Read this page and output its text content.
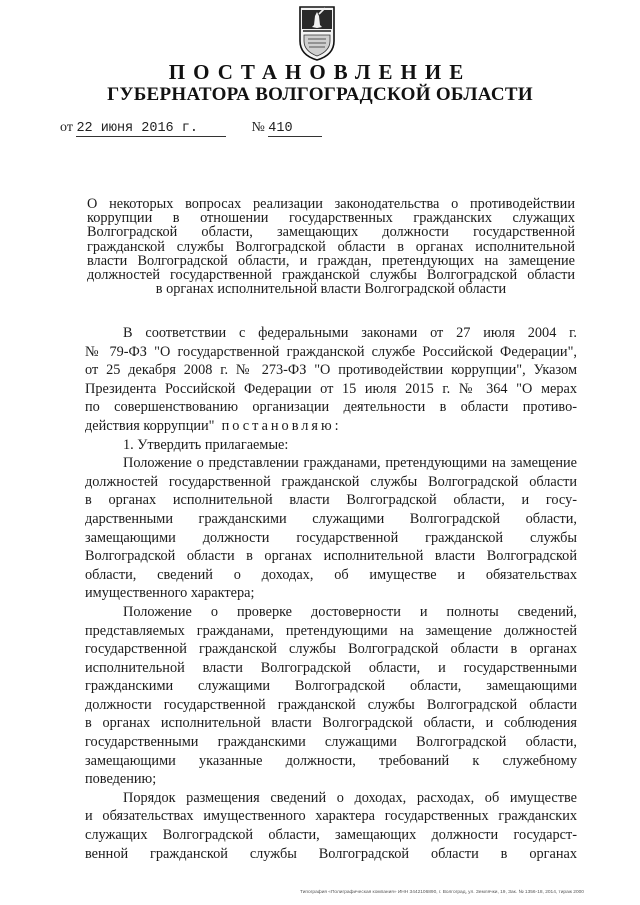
ПОСТАНОВЛЕНИЕ
ГУБЕРНАТОРА ВОЛГОГРАДСКОЙ ОБЛАСТИ
от 22 июня 2016 г.	№ 410
О некоторых вопросах реализации законодательства о противодействии
коррупции в отношении государственных гражданских служащих
Волгоградской области, замещающих должности государственной
гражданской службы Волгоградской области в органах исполнительной
власти Волгоградской области, и граждан, претендующих на замещение
должностей государственной гражданской службы Волгоградской области
в органах исполнительной власти Волгоградской области
В соответствии с федеральными законами от 27 июля 2004 г.
№ 79-ФЗ "О государственной гражданской службе Российской Федерации",
от 25 декабря 2008 г. № 273-ФЗ "О противодействии коррупции", Указом
Президента Российской Федерации от 15 июля 2015 г. № 364 "О мерах
по совершенствованию организации деятельности в области противо-
действия коррупции" постановляю:
1. Утвердить прилагаемые:
Положение о представлении гражданами, претендующими на замещение
должностей государственной гражданской службы Волгоградской области
в органах исполнительной власти Волгоградской области, и госу-
дарственными гражданскими служащими Волгоградской области,
замещающими должности государственной гражданской службы
Волгоградской области в органах исполнительной власти Волгоградской
области, сведений о доходах, об имуществе и обязательствах
имущественного характера;
Положение о проверке достоверности и полноты сведений,
представляемых гражданами, претендующими на замещение должностей
государственной гражданской службы Волгоградской области в органах
исполнительной власти Волгоградской области, и государственными
гражданскими служащими Волгоградской области, замещающими
должности государственной гражданской службы Волгоградской области
в органах исполнительной власти Волгоградской области, и соблюдения
государственными гражданскими служащими Волгоградской области,
замещающими указанные должности, требований к служебному
поведению;
Порядок размещения сведений о доходах, расходах, об имуществе
и обязательствах имущественного характера государственных гражданских
служащих Волгоградской области, замещающих должности государст-
венной гражданской службы Волгоградской области в органах
Типография «Полиграфическая компания» ИНН 3442106890, г. Волгоград, ул. Землячки, 19, Зак. № 1356-18, 2014, тираж 2000
